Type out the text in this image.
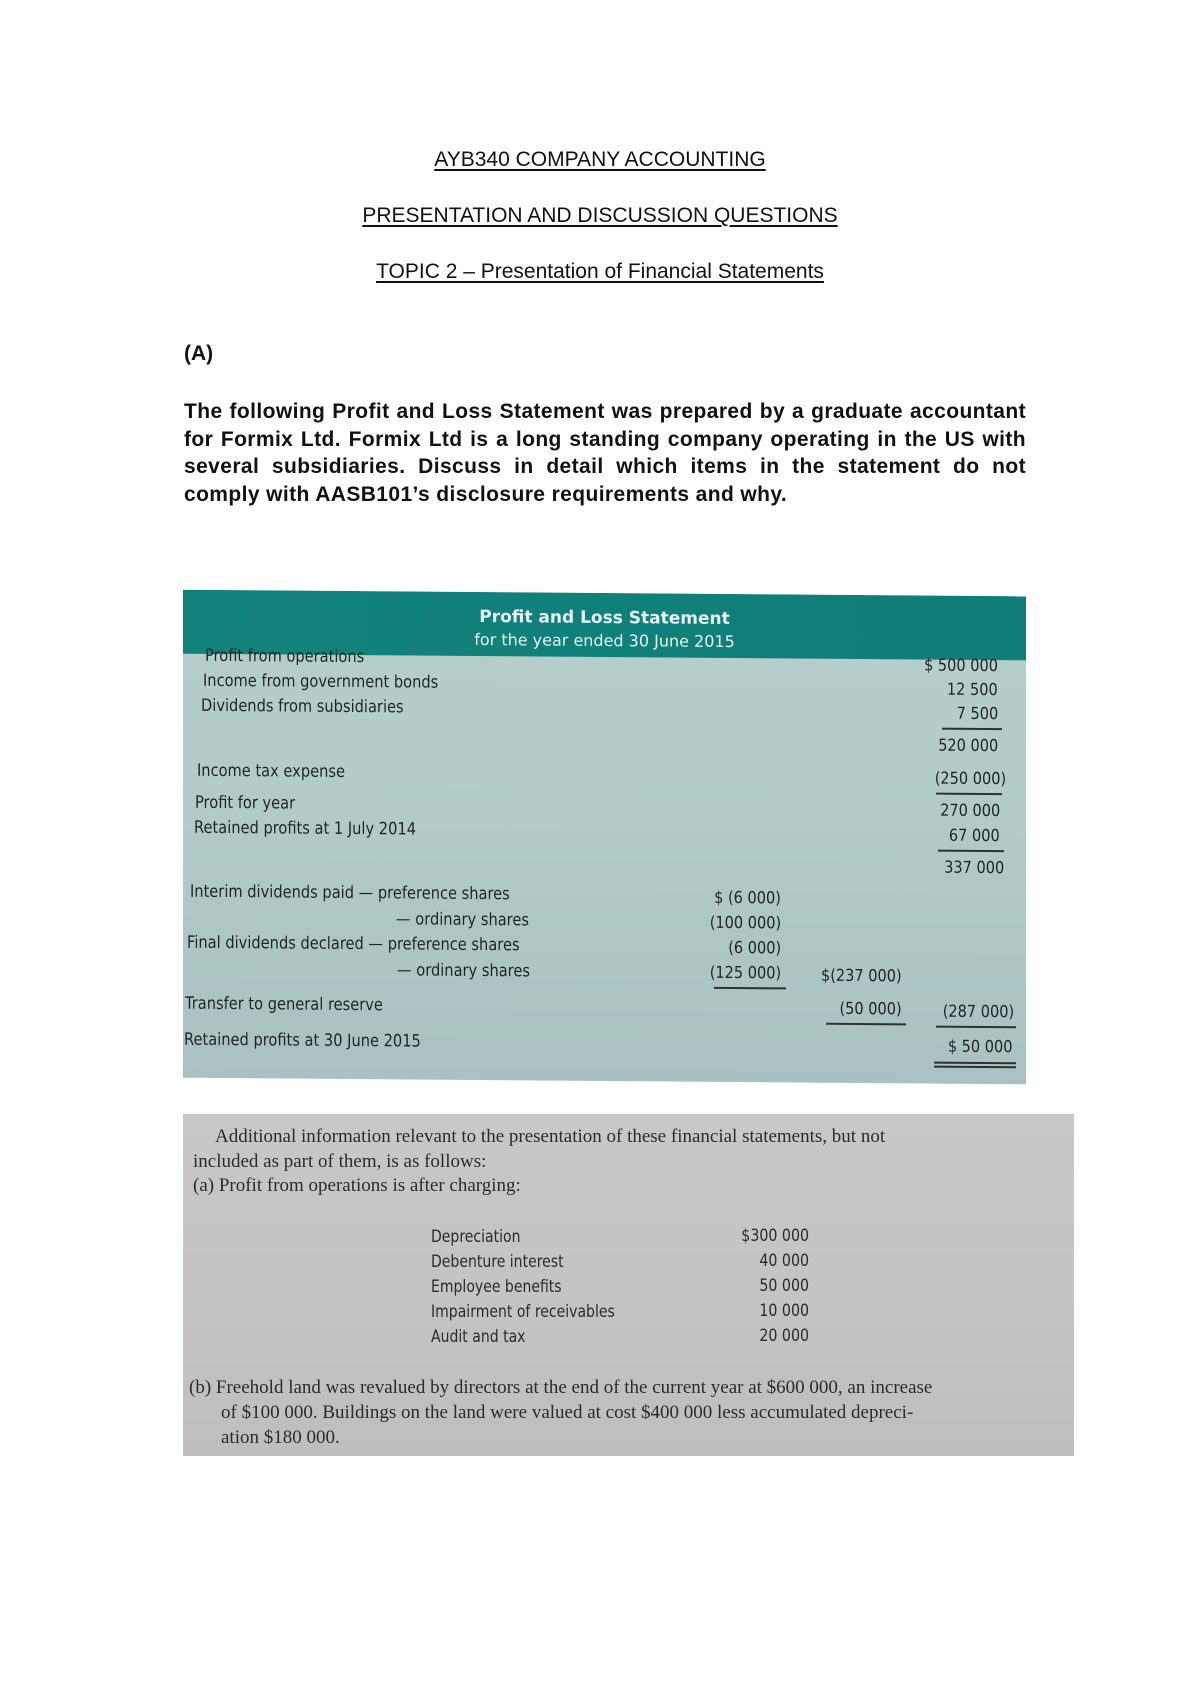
AYB340 COMPANY ACCOUNTING
PRESENTATION AND DISCUSSION QUESTIONS
TOPIC 2 – Presentation of Financial Statements
(A)
The following Profit and Loss Statement was prepared by a graduate accountant for Formix Ltd. Formix Ltd is a long standing company operating in the US with several subsidiaries. Discuss in detail which items in the statement do not comply with AASB101’s disclosure requirements and why.
Profit and Loss Statement
for the year ended 30 June 2015
Profit from operations
Income from government bonds
Dividends from subsidiaries
Income tax expense
Profit for year
Retained profits at 1 July 2014
Interim dividends paid — preference shares
— ordinary shares
Final dividends declared — preference shares
— ordinary shares
Transfer to general reserve
Retained profits at 30 June 2015
$ 500 000
12 500
7 500
520 000
(250 000)
270 000
67 000
337 000
$ (6 000)
(100 000)
(6 000)
(125 000) $(237 000)
(50 000) (287 000)
$ 50 000
Additional information relevant to the presentation of these financial statements, but not
included as part of them, is as follows:
(a) Profit from operations is after charging:
Depreciation
Debenture interest
Employee benefits
Impairment of receivables
Audit and tax
$300 000
40 000
50 000
10 000
20 000
(b) Freehold land was revalued by directors at the end of the current year at $600 000, an increase
of $100 000. Buildings on the land were valued at cost $400 000 less accumulated depreci-
ation $180 000.
